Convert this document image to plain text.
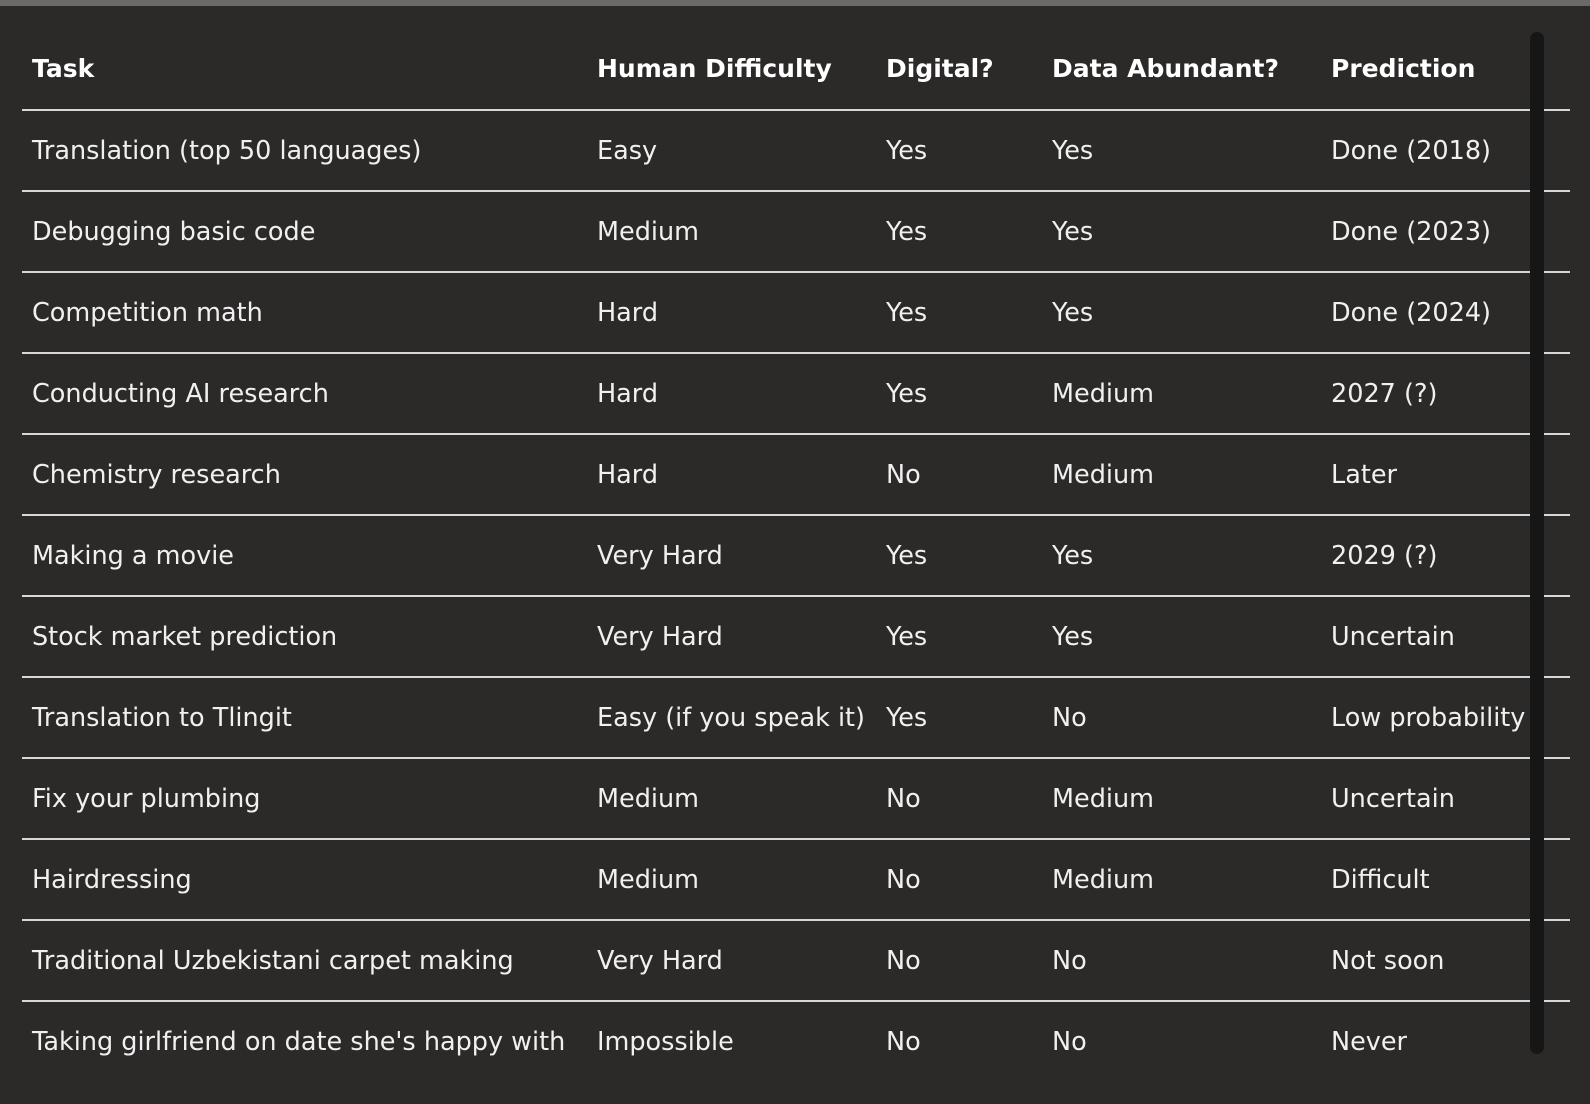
Task	Human Difficulty	Digital?	Data Abundant?	Prediction
Translation (top 50 languages)	Easy	Yes	Yes	Done (2018)
Debugging basic code	Medium	Yes	Yes	Done (2023)
Competition math	Hard	Yes	Yes	Done (2024)
Conducting AI research	Hard	Yes	Medium	2027 (?)
Chemistry research	Hard	No	Medium	Later
Making a movie	Very Hard	Yes	Yes	2029 (?)
Stock market prediction	Very Hard	Yes	Yes	Uncertain
Translation to Tlingit	Easy (if you speak it)	Yes	No	Low probability
Fix your plumbing	Medium	No	Medium	Uncertain
Hairdressing	Medium	No	Medium	Difficult
Traditional Uzbekistani carpet making	Very Hard	No	No	Not soon
Taking girlfriend on date she's happy with	Impossible	No	No	Never
